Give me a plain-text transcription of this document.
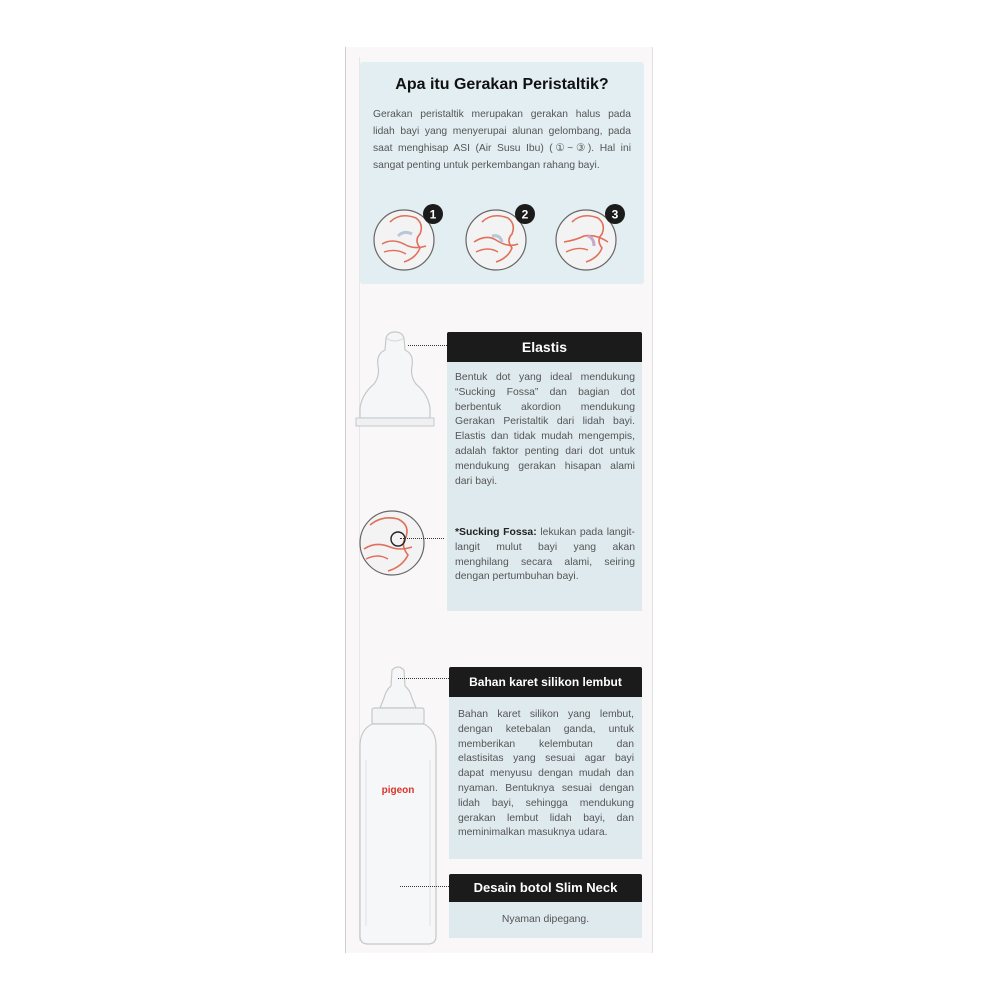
Apa itu Gerakan Peristaltik?
Gerakan peristaltik merupakan gerakan halus pada lidah bayi yang menyerupai alunan gelombang, pada saat menghisap ASI (Air Susu Ibu) (①~③). Hal ini sangat penting untuk perkembangan rahang bayi.
1	2	3
pigeon
Elastis
Bentuk dot yang ideal mendukung “Sucking Fossa” dan bagian dot berbentuk akordion mendukung Gerakan Peristaltik dari lidah bayi. Elastis dan tidak mudah mengempis, adalah faktor penting dari dot untuk mendukung gerakan hisapan alami dari bayi.
*Sucking Fossa: lekukan pada langit-langit mulut bayi yang akan menghilang secara alami, seiring dengan pertumbuhan bayi.
Bahan karet silikon lembut
Bahan karet silikon yang lembut, dengan ketebalan ganda, untuk memberikan kelembutan dan elastisitas yang sesuai agar bayi dapat menyusu dengan mudah dan nyaman. Bentuknya sesuai dengan lidah bayi, sehingga mendukung gerakan lembut lidah bayi, dan meminimalkan masuknya udara.
Desain botol Slim Neck
Nyaman dipegang.
